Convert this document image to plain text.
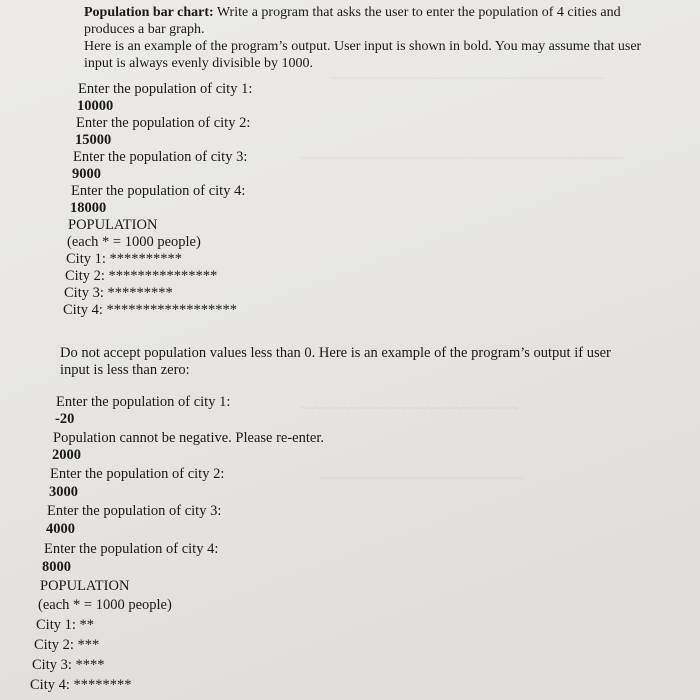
~~~~~~~~~~~~~~~~~~~~~~~~~~~~~~~~~~~~~~~
~~~~~~~~~~~~~~~~~~~~~~~~~~~~~~~~~~~~~~~~~~~~~~
~~~~~~~~~~~~~~~~~~~~~~~~~~~~~~~
~~~~~~~~~~~~~~~~~~~~~~~~~~~~~

Population bar chart: Write a program that asks the user to enter the population of 4 cities and produces a bar graph.
Here is an example of the program’s output. User input is shown in bold. You may assume that user input is always evenly divisible by 1000.

Enter the population of city 1:

10000

Enter the population of city 2:

15000

Enter the population of city 3:

9000

Enter the population of city 4:

18000

POPULATION

(each * = 1000 people)

City 1: **********

City 2: ***************

City 3: *********

City 4: ******************

Do not accept population values less than 0. Here is an example of the program’s output if user input is less than zero:

Enter the population of city 1:

-20

Population cannot be negative. Please re-enter.

2000

Enter the population of city 2:

3000

Enter the population of city 3:

4000

Enter the population of city 4:

8000

POPULATION

(each * = 1000 people)

City 1: **

City 2: ***

City 3: ****

City 4: ********
